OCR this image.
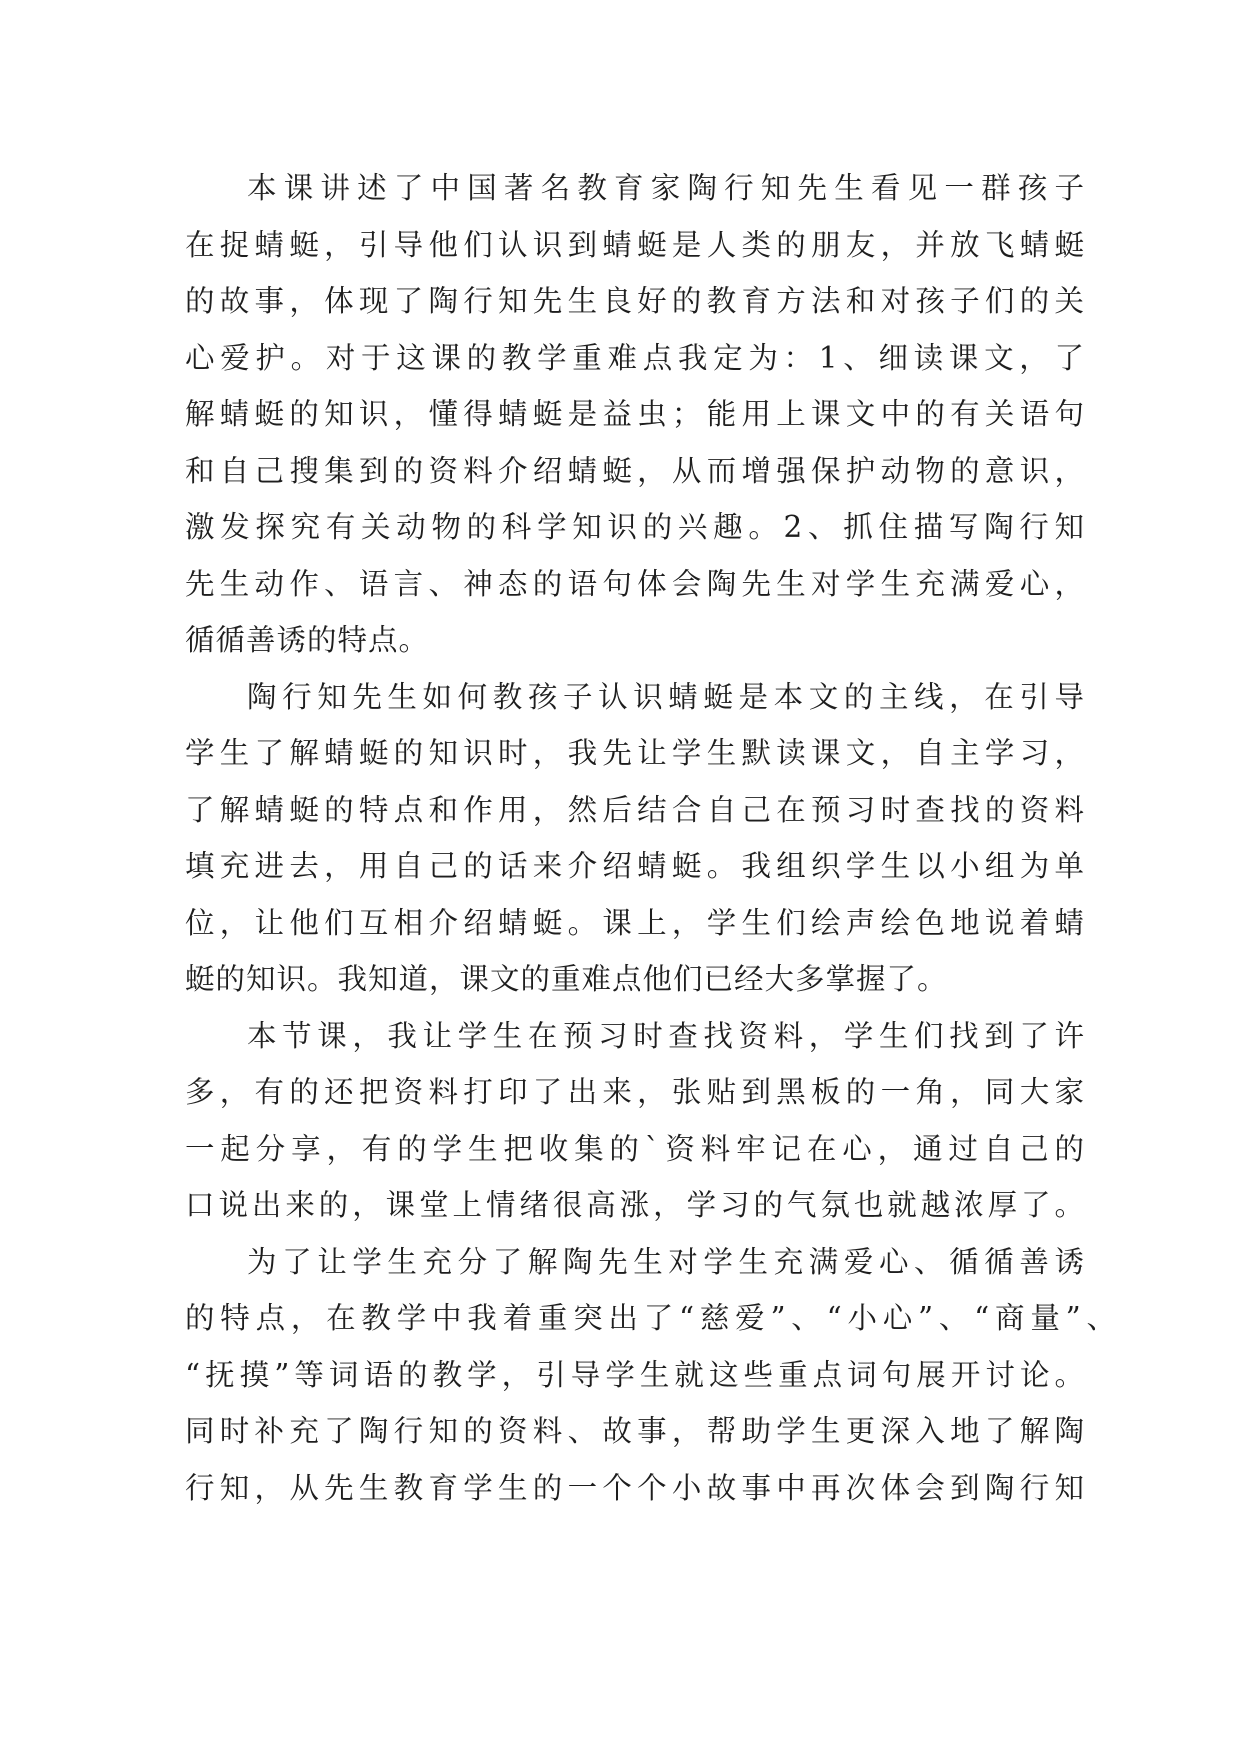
本课讲述了中国著名教育家陶行知先生看见一群孩子
在捉蜻蜓，引导他们认识到蜻蜓是人类的朋友，并放飞蜻蜓
的故事，体现了陶行知先生良好的教育方法和对孩子们的关
心爱护。对于这课的教学重难点我定为：1、细读课文，了
解蜻蜓的知识，懂得蜻蜓是益虫；能用上课文中的有关语句
和自己搜集到的资料介绍蜻蜓，从而增强保护动物的意识，
激发探究有关动物的科学知识的兴趣。2、抓住描写陶行知
先生动作、语言、神态的语句体会陶先生对学生充满爱心，
循循善诱的特点。
陶行知先生如何教孩子认识蜻蜓是本文的主线，在引导
学生了解蜻蜓的知识时，我先让学生默读课文，自主学习，
了解蜻蜓的特点和作用，然后结合自己在预习时查找的资料
填充进去，用自己的话来介绍蜻蜓。我组织学生以小组为单
位，让他们互相介绍蜻蜓。课上，学生们绘声绘色地说着蜻
蜓的知识。我知道，课文的重难点他们已经大多掌握了。
本节课，我让学生在预习时查找资料，学生们找到了许
多，有的还把资料打印了出来，张贴到黑板的一角，同大家
一起分享，有的学生把收集的`资料牢记在心，通过自己的
口说出来的，课堂上情绪很高涨，学习的气氛也就越浓厚了。
为了让学生充分了解陶先生对学生充满爱心、循循善诱
的特点，在教学中我着重突出了“慈爱”、“小心”、“商量”、
“抚摸”等词语的教学，引导学生就这些重点词句展开讨论。
同时补充了陶行知的资料、故事，帮助学生更深入地了解陶
行知，从先生教育学生的一个个小故事中再次体会到陶行知
